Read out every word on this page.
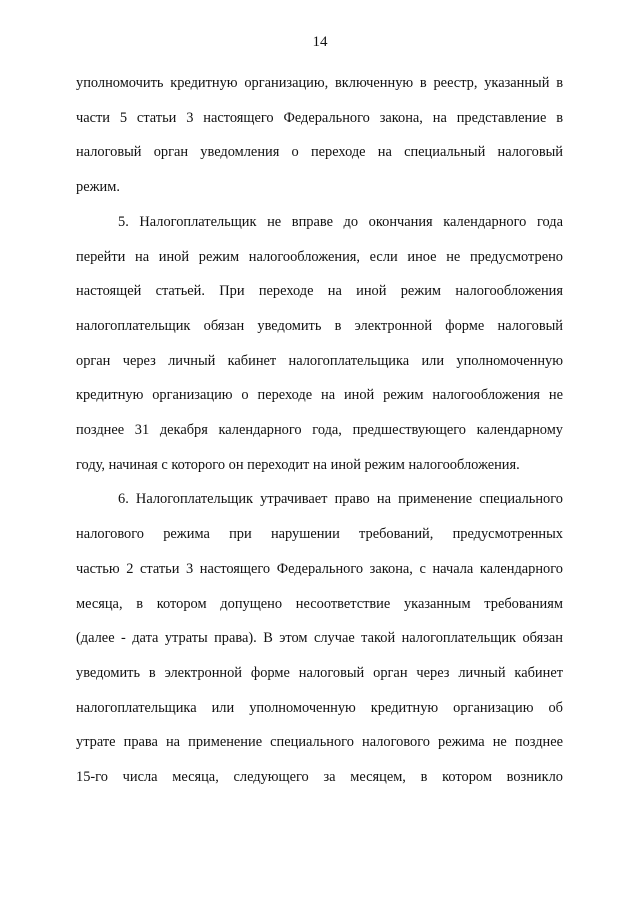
14
уполномочить кредитную организацию, включенную в реестр, указанный в
части 5 статьи 3 настоящего Федерального закона, на представление в
налоговый орган уведомления о переходе на специальный налоговый
режим.
5. Налогоплательщик не вправе до окончания календарного года
перейти на иной режим налогообложения, если иное не предусмотрено
настоящей статьей. При переходе на иной режим налогообложения
налогоплательщик обязан уведомить в электронной форме налоговый
орган через личный кабинет налогоплательщика или уполномоченную
кредитную организацию о переходе на иной режим налогообложения не
позднее 31 декабря календарного года, предшествующего календарному
году, начиная с которого он переходит на иной режим налогообложения.
6. Налогоплательщик утрачивает право на применение специального
налогового режима при нарушении требований, предусмотренных
частью 2 статьи 3 настоящего Федерального закона, с начала календарного
месяца, в котором допущено несоответствие указанным требованиям
(далее - дата утраты права). В этом случае такой налогоплательщик обязан
уведомить в электронной форме налоговый орган через личный кабинет
налогоплательщика или уполномоченную кредитную организацию об
утрате права на применение специального налогового режима не позднее
15-го числа месяца, следующего за месяцем, в котором возникло
